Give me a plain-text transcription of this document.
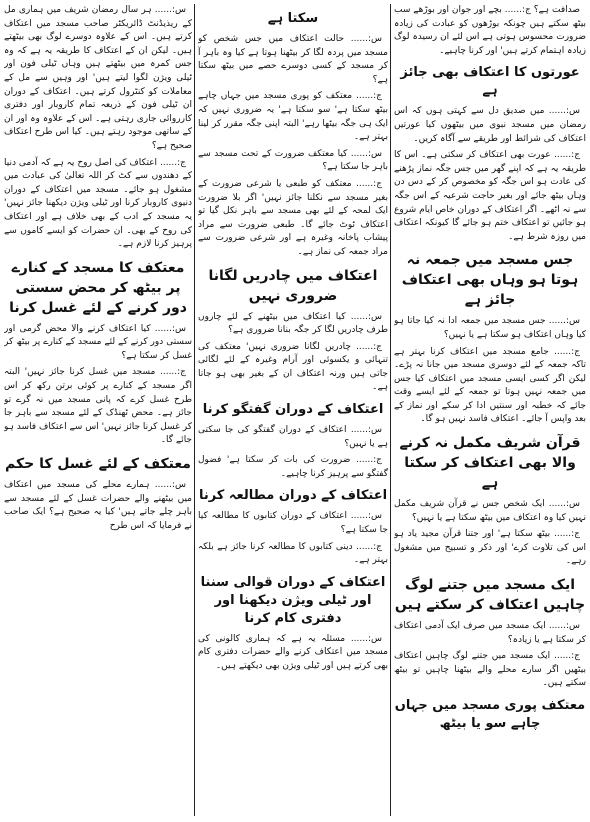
صدافت ہے؟ ج:...... بچے اور جوان اور بوڑھے سب بیٹھ سکتے ہیں چونکہ بوڑھوں کو عبادت کی زیادہ ضرورت محسوس ہوتی ہے اس لئے ان رسیدہ لوگ زیادہ اہتمام کرتے ہیں' اور کرنا چاہیے۔

عورتوں کا اعتکاف بھی جائز ہے

س:...... میں صدیق دل سے کہتی ہوں کہ اس رمضان میں مسجد نبوی میں بیٹھوں کیا عورتیں اعتکاف کی شرائط اور طریقے سے آگاہ کریں۔

ج:...... عورت بھی اعتکاف کر سکتی ہے۔ اس کا طریقہ یہ ہے کہ اپنے گھر میں جس جگہ نماز پڑھنے کی عادت ہو اس جگہ کو مخصوص کر کے دس دن وہاں بیٹھ جائے اور بغیر حاجت شرعیہ کے اس جگہ سے نہ اٹھے۔ اگر اعتکاف کے دوران خاص ایام شروع ہو جائیں تو اعتکاف ختم ہو جائے گا کیونکہ اعتکاف میں روزہ شرط ہے۔

جس مسجد میں جمعہ نہ ہوتا ہو وہاں بھی اعتکاف جائز ہے

س:...... جس مسجد میں جمعہ ادا نہ کیا جاتا ہو کیا وہاں اعتکاف ہو سکتا ہے یا نہیں؟

ج:...... جامع مسجد میں اعتکاف کرنا بہتر ہے تاکہ جمعہ کے لئے دوسری مسجد میں جانا نہ پڑے۔ لیکن اگر کسی ایسی مسجد میں اعتکاف کیا جس میں جمعہ نہیں ہوتا تو جمعہ کے لئے ایسے وقت جائے کہ خطبہ اور سنتیں ادا کر سکے اور نماز کے بعد واپس آ جائے۔ اعتکاف فاسد نہیں ہو گا۔

قرآن شریف مکمل نہ کرنے والا بھی اعتکاف کر سکتا ہے

س:...... ایک شخص جس نے قرآن شریف مکمل نہیں کیا وہ اعتکاف میں بیٹھ سکتا ہے یا نہیں؟

ج:...... بیٹھ سکتا ہے' اور جتنا قرآن مجید یاد ہو اس کی تلاوت کرے' اور ذکر و تسبیح میں مشغول رہے۔

ایک مسجد میں جتنے لوگ چاہیں اعتکاف کر سکتے ہیں

س:...... ایک مسجد میں صرف ایک آدمی اعتکاف کر سکتا ہے یا زیادہ؟

ج:...... ایک مسجد میں جتنے لوگ چاہیں اعتکاف بیٹھیں اگر سارے محلے والے بیٹھنا چاہیں تو بیٹھ سکتے ہیں۔

معتکف پوری مسجد میں جہاں چاہے سو یا بیٹھ
سکتا ہے

س:...... حالت اعتکاف میں جس شخص کو مسجد میں پردہ لگا کر بیٹھنا ہوتا ہے کیا وہ باہر آ کر مسجد کے کسی دوسرے حصے میں بیٹھ سکتا ہے؟

ج:...... معتکف کو پوری مسجد میں جہاں چاہے بیٹھ سکتا ہے' سو سکتا ہے' یہ ضروری نہیں کہ ایک ہی جگہ بیٹھا رہے' البتہ اپنی جگہ مقرر کر لینا بہتر ہے۔

س:...... کیا معتکف ضرورت کے تحت مسجد سے باہر جا سکتا ہے؟

ج:...... معتکف کو طبعی یا شرعی ضرورت کے بغیر مسجد سے نکلنا جائز نہیں' اگر بلا ضرورت ایک لمحہ کے لئے بھی مسجد سے باہر نکل گیا تو اعتکاف ٹوٹ جائے گا۔ طبعی ضرورت سے مراد پیشاب پاخانہ وغیرہ ہے اور شرعی ضرورت سے مراد جمعہ کی نماز ہے۔

اعتکاف میں چادریں لگانا ضروری نہیں

س:...... کیا اعتکاف میں بیٹھنے کے لئے چاروں طرف چادریں لگا کر جگہ بنانا ضروری ہے؟

ج:...... چادریں لگانا ضروری نہیں' معتکف کی تنہائی و یکسوئی اور آرام وغیرہ کے لئے لگائی جاتی ہیں ورنہ اعتکاف ان کے بغیر بھی ہو جاتا ہے۔

اعتکاف کے دوران گفتگو کرنا

س:...... اعتکاف کے دوران گفتگو کی جا سکتی ہے یا نہیں؟

ج:...... ضرورت کی بات کر سکتا ہے' فضول گفتگو سے پرہیز کرنا چاہیے۔

اعتکاف کے دوران مطالعہ کرنا

س:...... اعتکاف کے دوران کتابوں کا مطالعہ کیا جا سکتا ہے؟

ج:...... دینی کتابوں کا مطالعہ کرنا جائز ہے بلکہ بہتر ہے۔

اعتکاف کے دوران قوالی سننا اور ٹیلی ویژن دیکھنا اور دفتری کام کرنا

س:...... مسئلہ یہ ہے کہ ہماری کالونی کی مسجد میں اعتکاف کرنے والے حضرات دفتری کام بھی کرتے ہیں اور ٹیلی ویژن بھی دیکھتے ہیں۔

س:...... ہر سال رمضان شریف میں ہماری مل کے ریذیڈنٹ ڈائریکٹر صاحب مسجد میں اعتکاف کرتے ہیں۔ اس کے علاوہ دوسرے لوگ بھی بیٹھتے ہیں۔ لیکن ان کے اعتکاف کا طریقہ یہ ہے کہ وہ جس کمرہ میں بیٹھتے ہیں وہاں ٹیلی فون اور ٹیلی ویژن لگوا لیتے ہیں' اور وہیں سے مل کے معاملات کو کنٹرول کرتے ہیں۔ اعتکاف کے دوران ان ٹیلی فون کے ذریعہ تمام کاروبار اور دفتری کارروائی جاری رہتی ہے۔ اس کے علاوہ وہ اور ان کے ساتھی موجود رہتے ہیں۔ کیا اس طرح اعتکاف صحیح ہے؟

ج:...... اعتکاف کی اصل روح یہ ہے کہ آدمی دنیا کے دھندوں سے کٹ کر اللہ تعالیٰ کی عبادت میں مشغول ہو جائے۔ مسجد میں اعتکاف کے دوران دنیوی کاروبار کرنا اور ٹیلی ویژن دیکھنا جائز نہیں' یہ مسجد کے ادب کے بھی خلاف ہے اور اعتکاف کی روح کے بھی۔ ان حضرات کو ایسے کاموں سے پرہیز کرنا لازم ہے۔

معتکف کا مسجد کے کنارے پر بیٹھ کر محض سستی دور کرنے کے لئے غسل کرنا

س:...... کیا اعتکاف کرنے والا محض گرمی اور سستی دور کرنے کے لئے مسجد کے کنارے پر بیٹھ کر غسل کر سکتا ہے؟

ج:...... مسجد میں غسل کرنا جائز نہیں' البتہ اگر مسجد کے کنارے پر کوئی برتن رکھ کر اس طرح غسل کرے کہ پانی مسجد میں نہ گرے تو جائز ہے۔ محض ٹھنڈک کے لئے مسجد سے باہر جا کر غسل کرنا جائز نہیں' اس سے اعتکاف فاسد ہو جائے گا۔

معتکف کے لئے غسل کا حکم

س:...... ہمارے محلے کی مسجد میں اعتکاف میں بیٹھنے والے حضرات غسل کے لئے مسجد سے باہر چلے جاتے ہیں' کیا یہ صحیح ہے؟ ایک صاحب نے فرمایا کہ اس طرح
